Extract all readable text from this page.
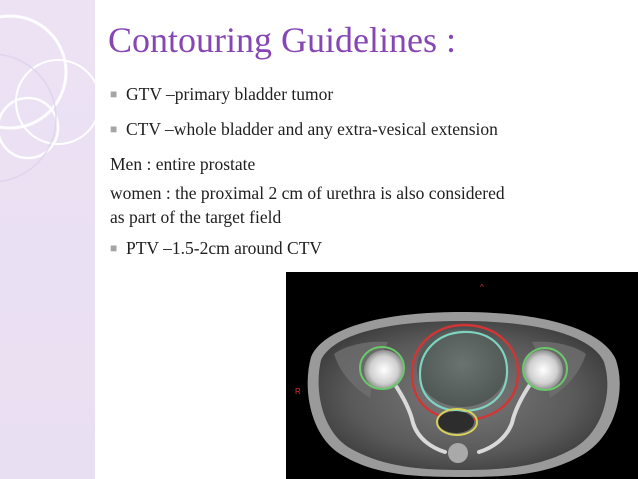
Contouring Guidelines :
■ GTV –primary bladder tumor
■ CTV –whole bladder and any extra-vesical extension
Men : entire prostate
women : the proximal 2 cm of urethra is also considered
as part of the target field
■ PTV –1.5-2cm around CTV
^
R
